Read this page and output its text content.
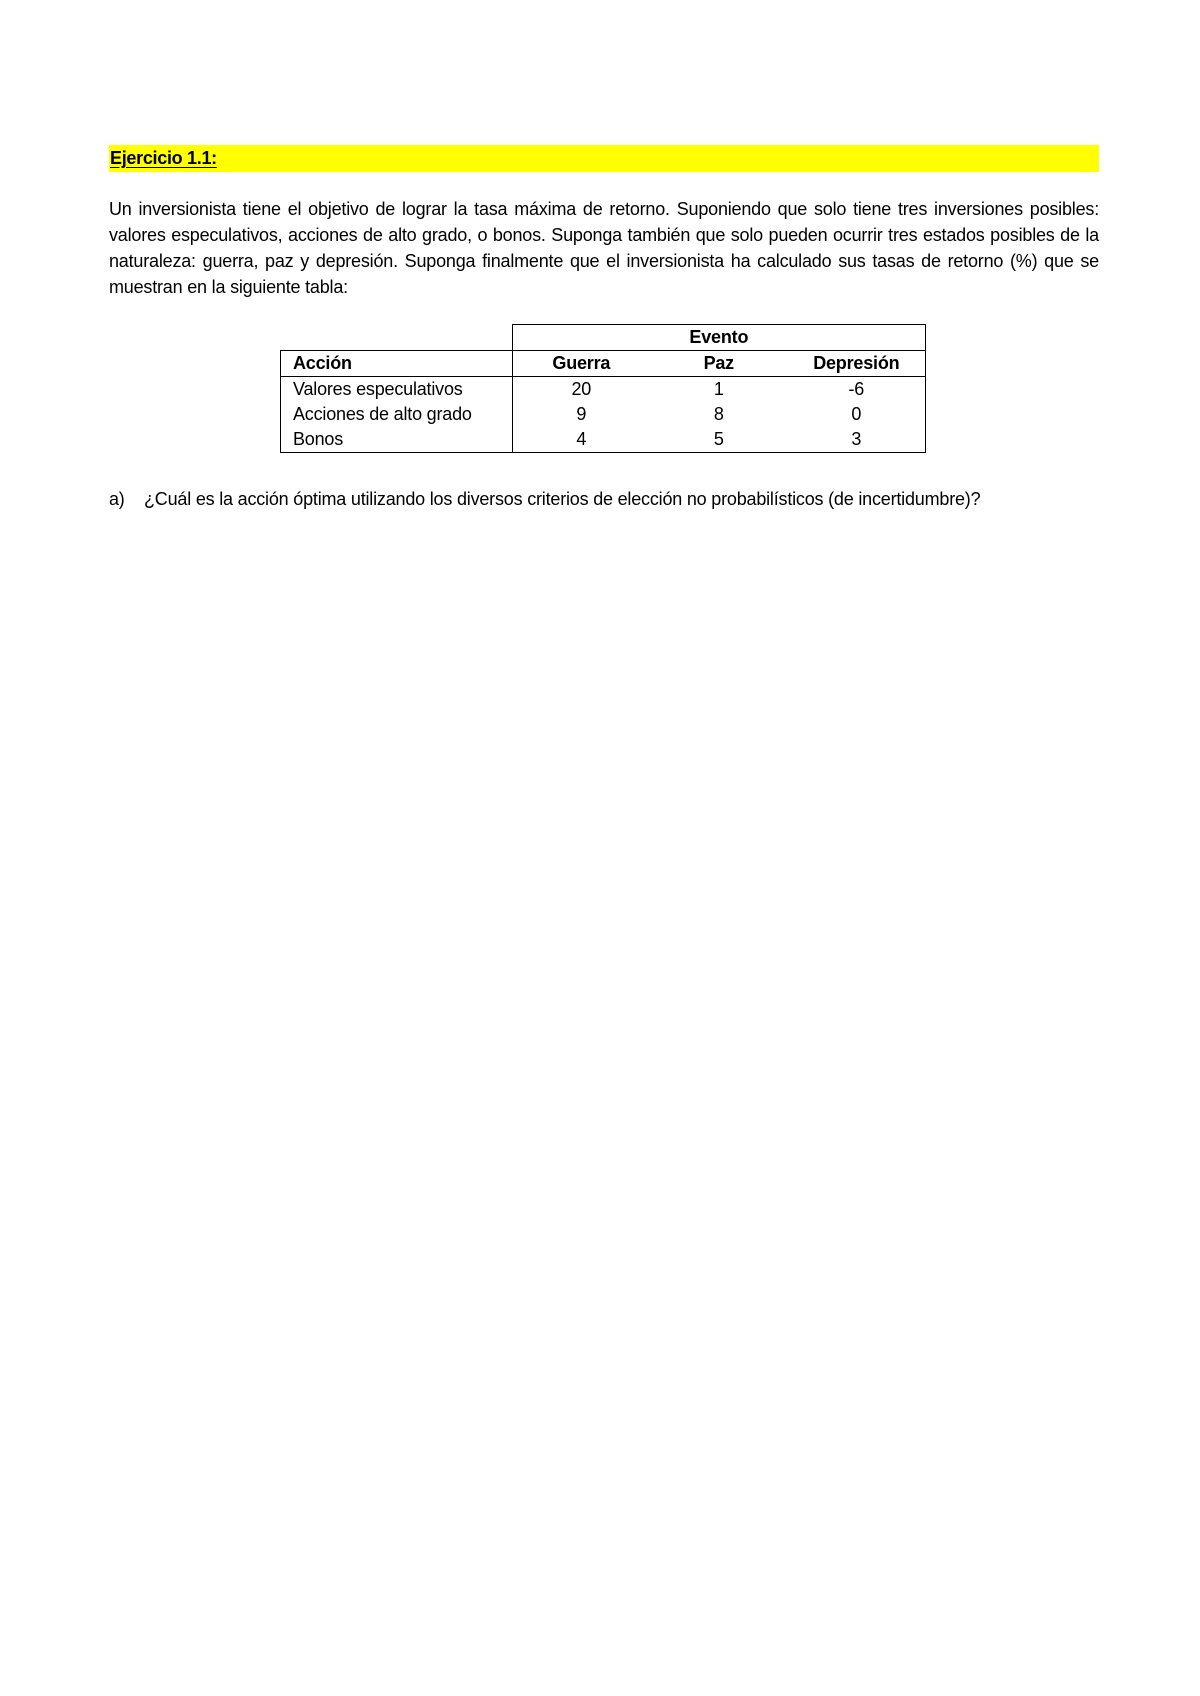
Ejercicio 1.1:

Un inversionista tiene el objetivo de lograr la tasa máxima de retorno. Suponiendo que solo tiene tres inversiones posibles: valores especulativos, acciones de alto grado, o bonos. Suponga también que solo pueden ocurrir tres estados posibles de la naturaleza: guerra, paz y depresión. Suponga finalmente que el inversionista ha calculado sus tasas de retorno (%) que se muestran en la siguiente tabla:

	Evento		
Acción	Guerra	Paz	Depresión
Valores especulativos	20	1	-6
Acciones de alto grado	9	8	0
Bonos	4	5	3
a)	¿Cuál es la acción óptima utilizando los diversos criterios de elección no probabilísticos (de incertidumbre)?
